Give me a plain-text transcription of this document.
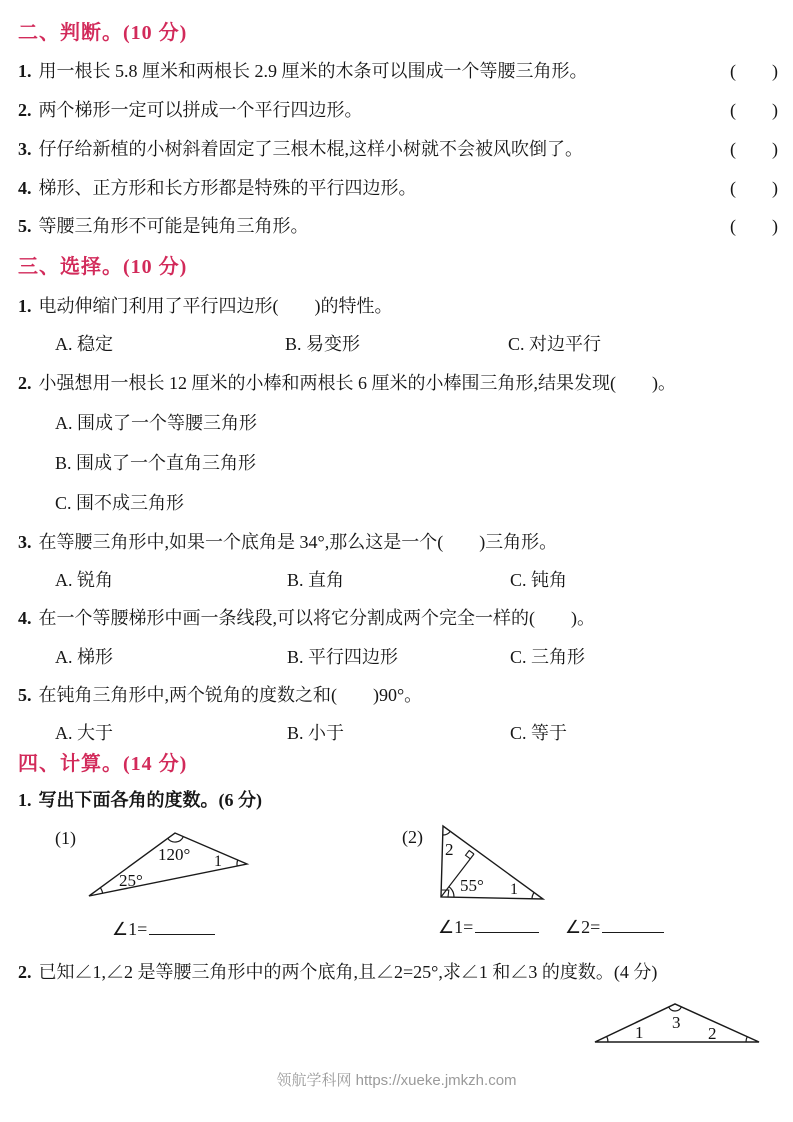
二、判断。(10 分)
1. 用一根长 5.8 厘米和两根长 2.9 厘米的木条可以围成一个等腰三角形。	(　　)
2. 两个梯形一定可以拼成一个平行四边形。	(　　)
3. 仔仔给新植的小树斜着固定了三根木棍,这样小树就不会被风吹倒了。	(　　)
4. 梯形、正方形和长方形都是特殊的平行四边形。	(　　)
5. 等腰三角形不可能是钝角三角形。	(　　)
三、选择。(10 分)
1. 电动伸缩门利用了平行四边形(　　)的特性。
A. 稳定	B. 易变形	C. 对边平行
2. 小强想用一根长 12 厘米的小棒和两根长 6 厘米的小棒围三角形,结果发现(　　)。
A. 围成了一个等腰三角形
B. 围成了一个直角三角形
C. 围不成三角形
3. 在等腰三角形中,如果一个底角是 34°,那么这是一个(　　)三角形。
A. 锐角	B. 直角	C. 钝角
4. 在一个等腰梯形中画一条线段,可以将它分割成两个完全一样的(　　)。
A. 梯形	B. 平行四边形	C. 三角形
5. 在钝角三角形中,两个锐角的度数之和(　　)90°。
A. 大于	B. 小于	C. 等于
四、计算。(14 分)
1. 写出下面各角的度数。(6 分)
(1)
120°
25°
1
(2)
2
55° 1
∠1=	∠1=	∠2=
2. 已知∠1,∠2 是等腰三角形中的两个底角,且∠2=25°,求∠1 和∠3 的度数。(4 分)
1
3
2
领航学科网 https://xueke.jmkzh.com
